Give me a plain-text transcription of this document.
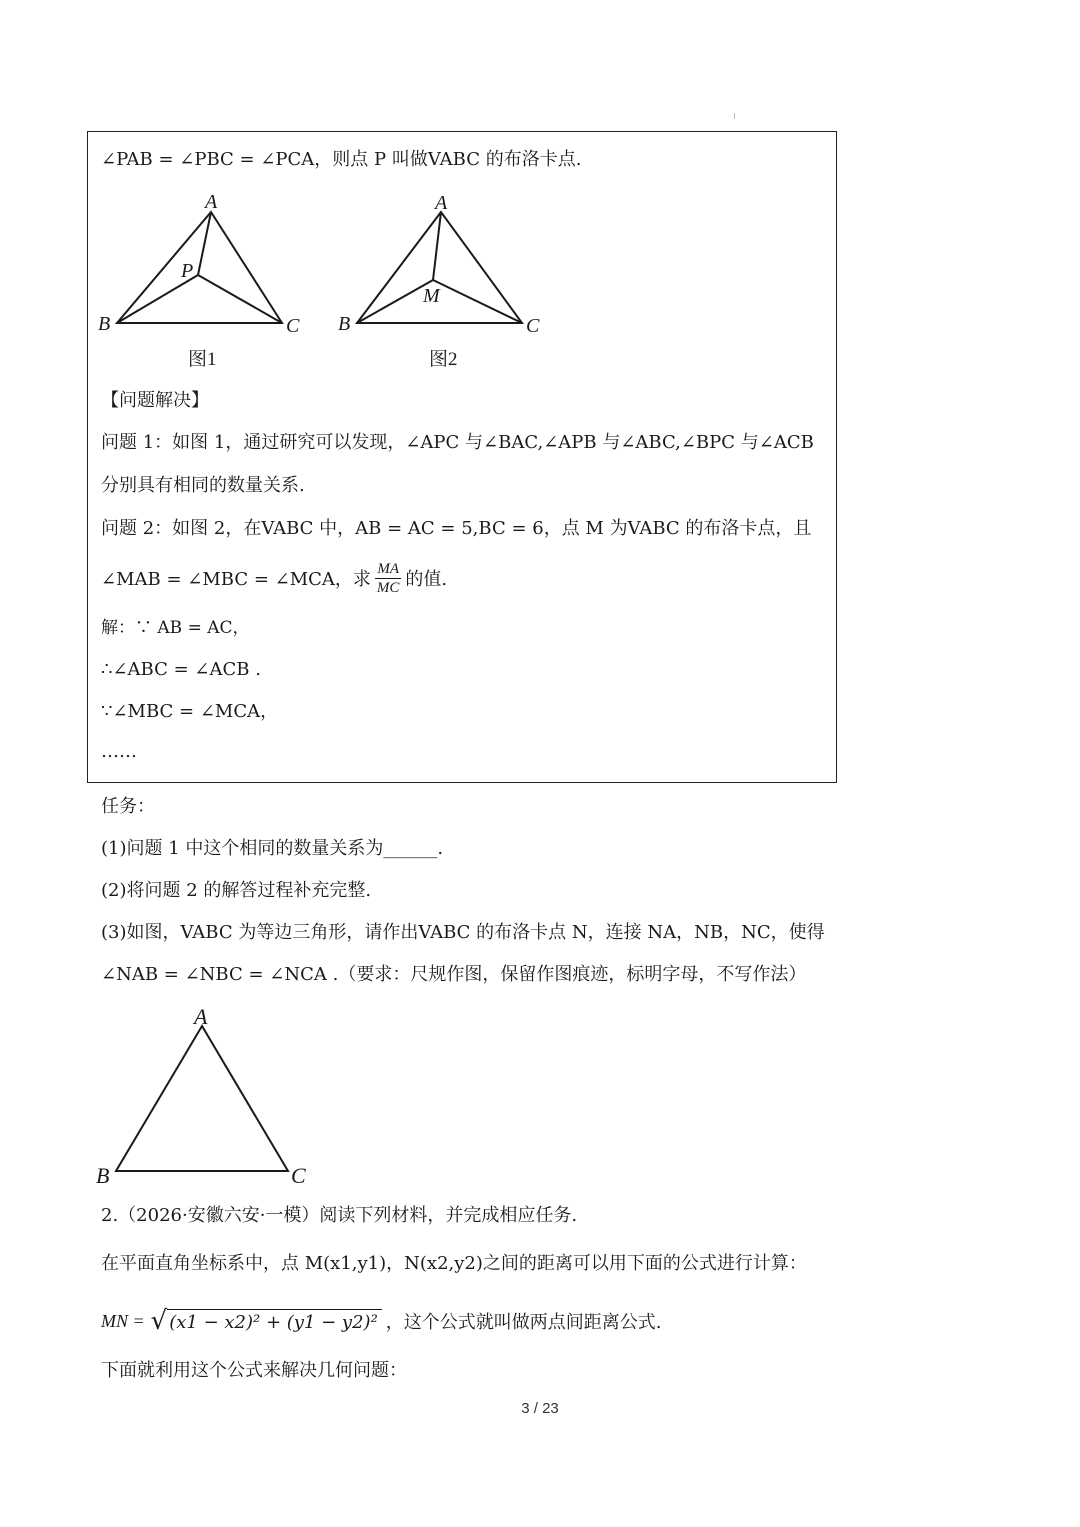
∠PAB = ∠PBC = ∠PCA，则点 P 叫做VABC 的布洛卡点.
A
B	C
P
图1
A
B	C
M
图2
【问题解决】
问题 1：如图 1，通过研究可以发现，∠APC 与∠BAC,∠APB 与∠ABC,∠BPC 与∠ACB
分别具有相同的数量关系.
问题 2：如图 2，在VABC 中，AB = AC = 5,BC = 6，点 M 为VABC 的布洛卡点，且
∠MAB = ∠MBC = ∠MCA，求 $\frac{MA}{MC}$ 的值.
解：∵ AB = AC，
∴∠ABC = ∠ACB .
∵∠MBC = ∠MCA，
……
任务：
(1)问题 1 中这个相同的数量关系为______.
(2)将问题 2 的解答过程补充完整.
(3)如图，VABC 为等边三角形，请作出VABC 的布洛卡点 N，连接 NA，NB，NC，使得
∠NAB = ∠NBC = ∠NCA .（要求：尺规作图，保留作图痕迹，标明字母，不写作法）
A
B	C
2.（2026·安徽六安·一模）阅读下列材料，并完成相应任务.
在平面直角坐标系中，点 M(x1,y1)，N(x2,y2)之间的距离可以用下面的公式进行计算：
MN = √ (x1 − x2)² + (y1 − y2)² ，这个公式就叫做两点间距离公式.
下面就利用这个公式来解决几何问题：
3 / 23
